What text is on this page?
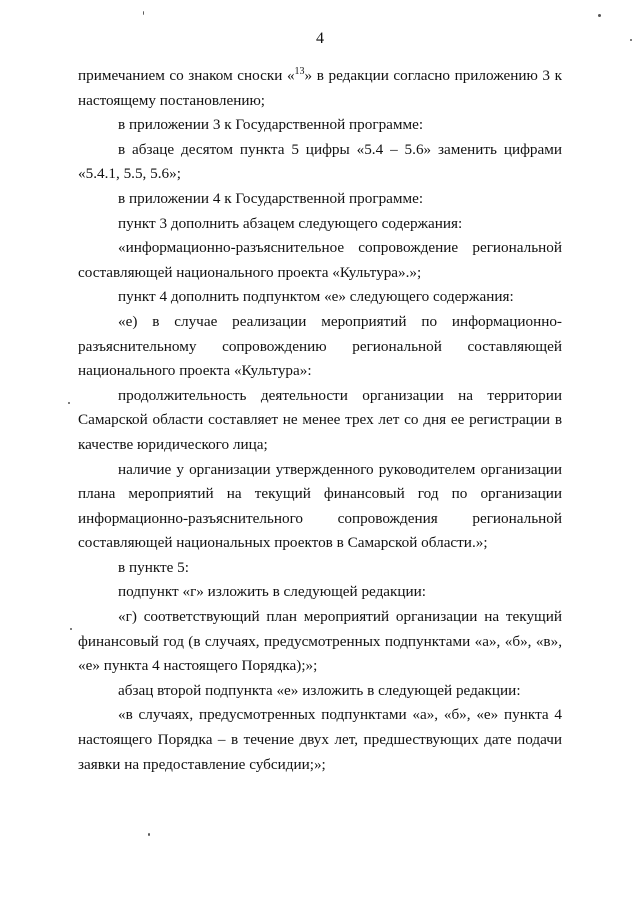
4

примечанием со знаком сноски «$^{13}$» в редакции согласно приложению 3 к настоящему постановлению;

в приложении 3 к Государственной программе:

в абзаце десятом пункта 5 цифры «5.4 – 5.6» заменить цифрами «5.4.1, 5.5, 5.6»;

в приложении 4 к Государственной программе:

пункт 3 дополнить абзацем следующего содержания:

«информационно-разъяснительное сопровождение региональной составляющей национального проекта «Культура».»;

пункт 4 дополнить подпунктом «е» следующего содержания:

«е) в случае реализации мероприятий по информационно-разъяснительному сопровождению региональной составляющей национального проекта «Культура»:

продолжительность деятельности организации на территории Самарской области составляет не менее трех лет со дня ее регистрации в качестве юридического лица;

наличие у организации утвержденного руководителем организации плана мероприятий на текущий финансовый год по организации информационно-разъяснительного сопровождения региональной составляющей национальных проектов в Самарской области.»;

в пункте 5:

подпункт «г» изложить в следующей редакции:

«г) соответствующий план мероприятий организации на текущий финансовый год (в случаях, предусмотренных подпунктами «а», «б», «в», «е» пункта 4 настоящего Порядка);»;

абзац второй подпункта «е» изложить в следующей редакции:

«в случаях, предусмотренных подпунктами «а», «б», «е» пункта 4 настоящего Порядка – в течение двух лет, предшествующих дате подачи заявки на предоставление субсидии;»;
